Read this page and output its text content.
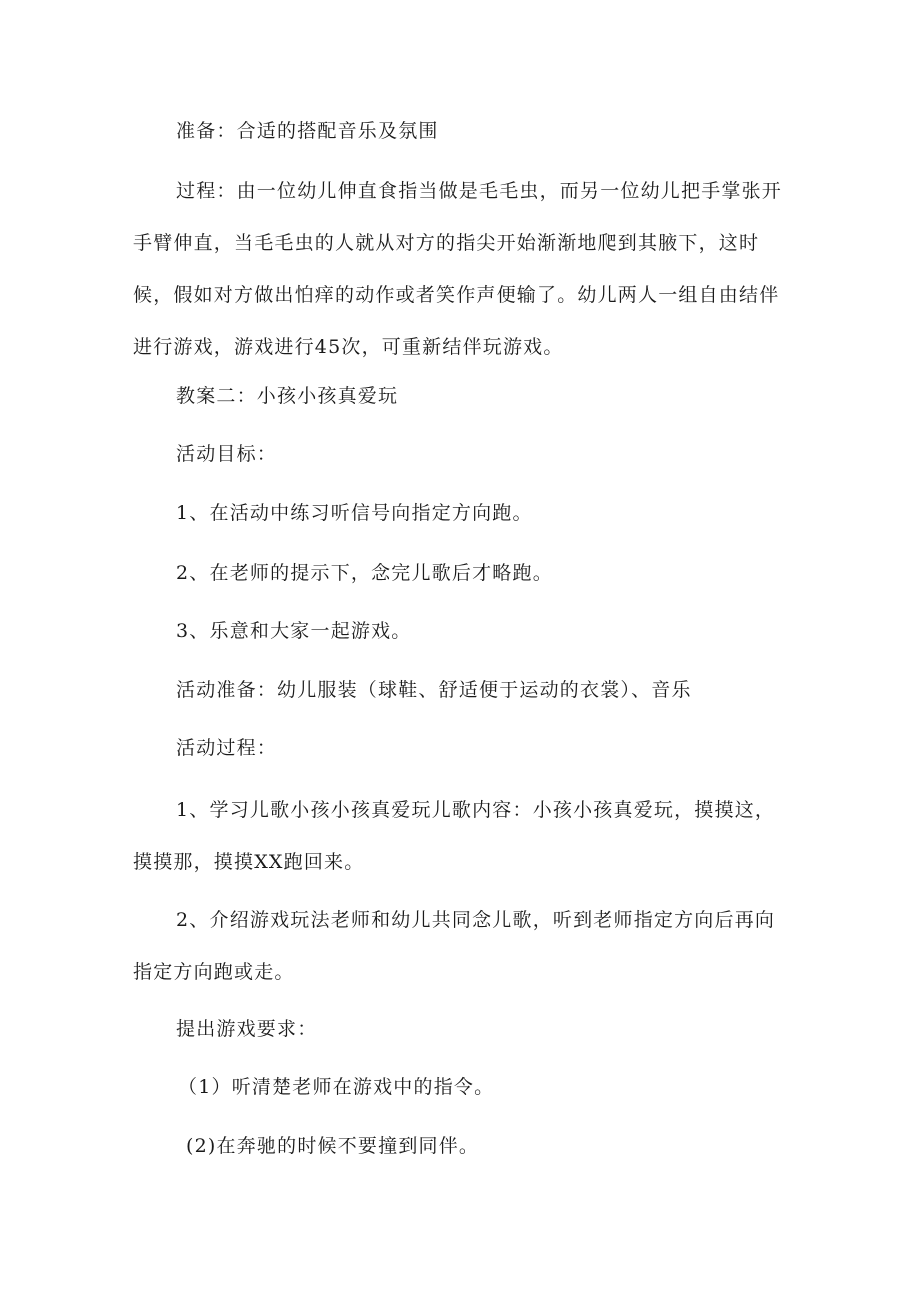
准备：合适的搭配音乐及氛围

过程：由一位幼儿伸直食指当做是毛毛虫，而另一位幼儿把手掌张开手臂伸直，当毛毛虫的人就从对方的指尖开始渐渐地爬到其腋下，这时候，假如对方做出怕痒的动作或者笑作声便输了。幼儿两人一组自由结伴进行游戏，游戏进行45次，可重新结伴玩游戏。

教案二：小孩小孩真爱玩

活动目标：

1、在活动中练习听信号向指定方向跑。

2、在老师的提示下，念完儿歌后才略跑。

3、乐意和大家一起游戏。

活动准备：幼儿服装（球鞋、舒适便于运动的衣裳）、音乐

活动过程：

1、学习儿歌小孩小孩真爱玩儿歌内容：小孩小孩真爱玩，摸摸这，摸摸那，摸摸XX跑回来。

2、介绍游戏玩法老师和幼儿共同念儿歌，听到老师指定方向后再向指定方向跑或走。

提出游戏要求：

（1）听清楚老师在游戏中的指令。

(2)在奔驰的时候不要撞到同伴。
